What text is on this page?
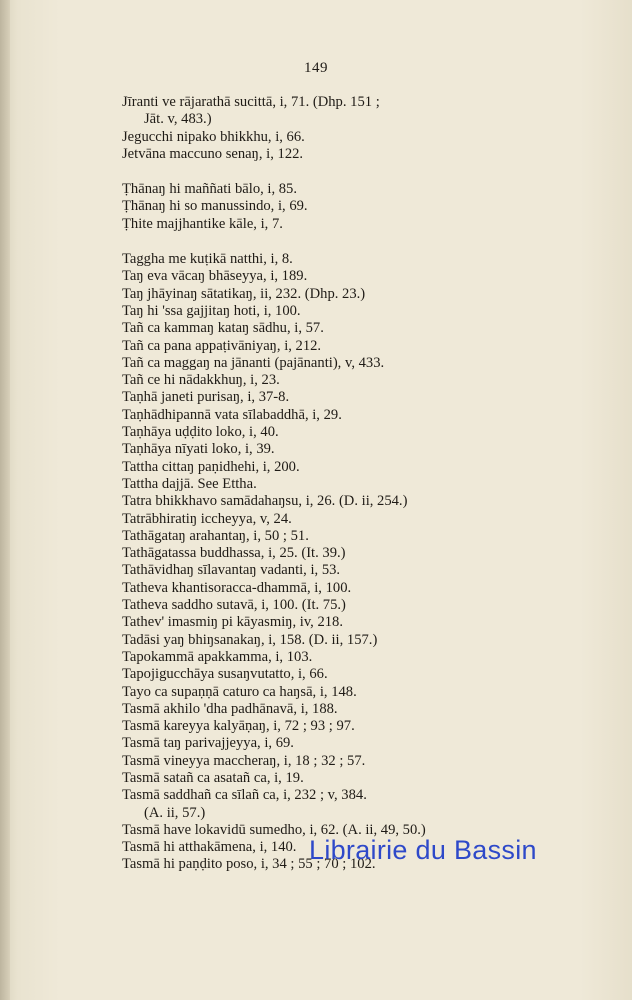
149
Jīranti ve rājarathā sucittā, i, 71. (Dhp. 151 ;
Jāt. v, 483.)
Jegucchi nipako bhikkhu, i, 66.
Jetvāna maccuno senaŋ, i, 122.
Ṭhānaŋ hi maññati bālo, i, 85.
Ṭhānaŋ hi so manussindo, i, 69.
Ṭhite majjhantike kāle, i, 7.
Taggha me kuṭikā natthi, i, 8.
Taŋ eva vācaŋ bhāseyya, i, 189.
Taŋ jhāyinaŋ sātatikaŋ, ii, 232. (Dhp. 23.)
Taŋ hi 'ssa gajjitaŋ hoti, i, 100.
Tañ ca kammaŋ kataŋ sādhu, i, 57.
Tañ ca pana appaṭivāniyaŋ, i, 212.
Tañ ca maggaŋ na jānanti (pajānanti), v, 433.
Tañ ce hi nādakkhuŋ, i, 23.
Taṇhā janeti purisaŋ, i, 37-8.
Taṇhādhipannā vata sīlabaddhā, i, 29.
Taṇhāya uḍḍito loko, i, 40.
Taṇhāya nīyati loko, i, 39.
Tattha cittaŋ paṇidhehi, i, 200.
Tattha dajjā. See Ettha.
Tatra bhikkhavo samādahaŋsu, i, 26. (D. ii, 254.)
Tatrābhiratiŋ iccheyya, v, 24.
Tathāgataŋ arahantaŋ, i, 50 ; 51.
Tathāgatassa buddhassa, i, 25. (It. 39.)
Tathāvidhaŋ sīlavantaŋ vadanti, i, 53.
Tatheva khantisoracca-dhammā, i, 100.
Tatheva saddho sutavā, i, 100. (It. 75.)
Tathev' imasmiŋ pi kāyasmiŋ, iv, 218.
Tadāsi yaŋ bhiŋsanakaŋ, i, 158. (D. ii, 157.)
Tapokammā apakkamma, i, 103.
Tapojigucchāya susaŋvutatto, i, 66.
Tayo ca supaṇṇā caturo ca haŋsā, i, 148.
Tasmā akhilo 'dha padhānavā, i, 188.
Tasmā kareyya kalyāṇaŋ, i, 72 ; 93 ; 97.
Tasmā taŋ parivajjeyya, i, 69.
Tasmā vineyya maccheraŋ, i, 18 ; 32 ; 57.
Tasmā satañ ca asatañ ca, i, 19.
Tasmā saddhañ ca sīlañ ca, i, 232 ; v, 384.
(A. ii, 57.)
Tasmā have lokavidū sumedho, i, 62. (A. ii, 49, 50.)
Tasmā hi atthakāmena, i, 140.
Tasmā hi paṇḍito poso, i, 34 ; 55 ; 70 ; 102.
Librairie du Bassin
